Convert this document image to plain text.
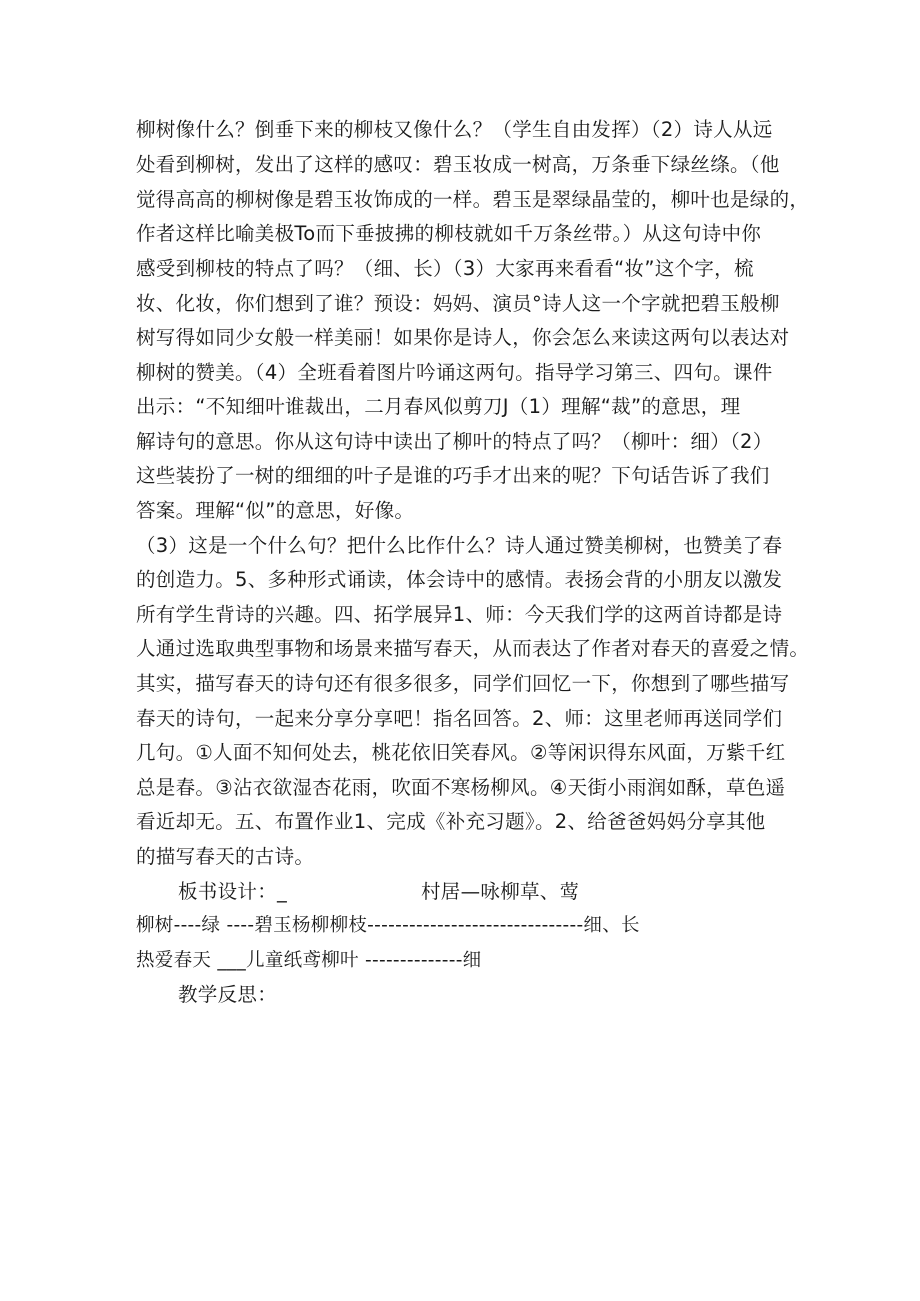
柳树像什么？倒垂下来的柳枝又像什么？（学生自由发挥）（2）诗人从远
处看到柳树，发出了这样的感叹：碧玉妆成一树高，万条垂下绿丝绦。（他
觉得高高的柳树像是碧玉妆饰成的一样。碧玉是翠绿晶莹的，柳叶也是绿的，
作者这样比喻美极To而下垂披拂的柳枝就如千万条丝带。）从这句诗中你
感受到柳枝的特点了吗？（细、长）（3）大家再来看看“妆”这个字，梳
妆、化妆，你们想到了谁？预设：妈妈、演员°诗人这一个字就把碧玉般柳
树写得如同少女般一样美丽！如果你是诗人，你会怎么来读这两句以表达对
柳树的赞美。（4）全班看着图片吟诵这两句。指导学习第三、四句。课件
出示：“不知细叶谁裁出，二月春风似剪刀J（1）理解“裁”的意思，理
解诗句的意思。你从这句诗中读出了柳叶的特点了吗？（柳叶：细）（2）
这些装扮了一树的细细的叶子是谁的巧手才出来的呢？下句话告诉了我们
答案。理解“似”的意思，好像。
（3）这是一个什么句？把什么比作什么？诗人通过赞美柳树，也赞美了春
的创造力。5、多种形式诵读，体会诗中的感情。表扬会背的小朋友以激发
所有学生背诗的兴趣。四、拓学展异1、师：今天我们学的这两首诗都是诗
人通过选取典型事物和场景来描写春天，从而表达了作者对春天的喜爱之情。
其实，描写春天的诗句还有很多很多，同学们回忆一下，你想到了哪些描写
春天的诗句，一起来分享分享吧！指名回答。2、师：这里老师再送同学们
几句。①人面不知何处去，桃花依旧笑春风。②等闲识得东风面，万紫千红
总是春。③沾衣欲湿杏花雨，吹面不寒杨柳风。④天街小雨润如酥，草色遥
看近却无。五、布置作业1、完成《补充习题》。2、给爸爸妈妈分享其他
的描写春天的古诗。
板书设计：_	村居—咏柳草、莺
柳树----绿 ----碧玉杨柳柳枝-------------------------------细、长
热爱春天 ___儿童纸鸢柳叶 --------------细
教学反思：
